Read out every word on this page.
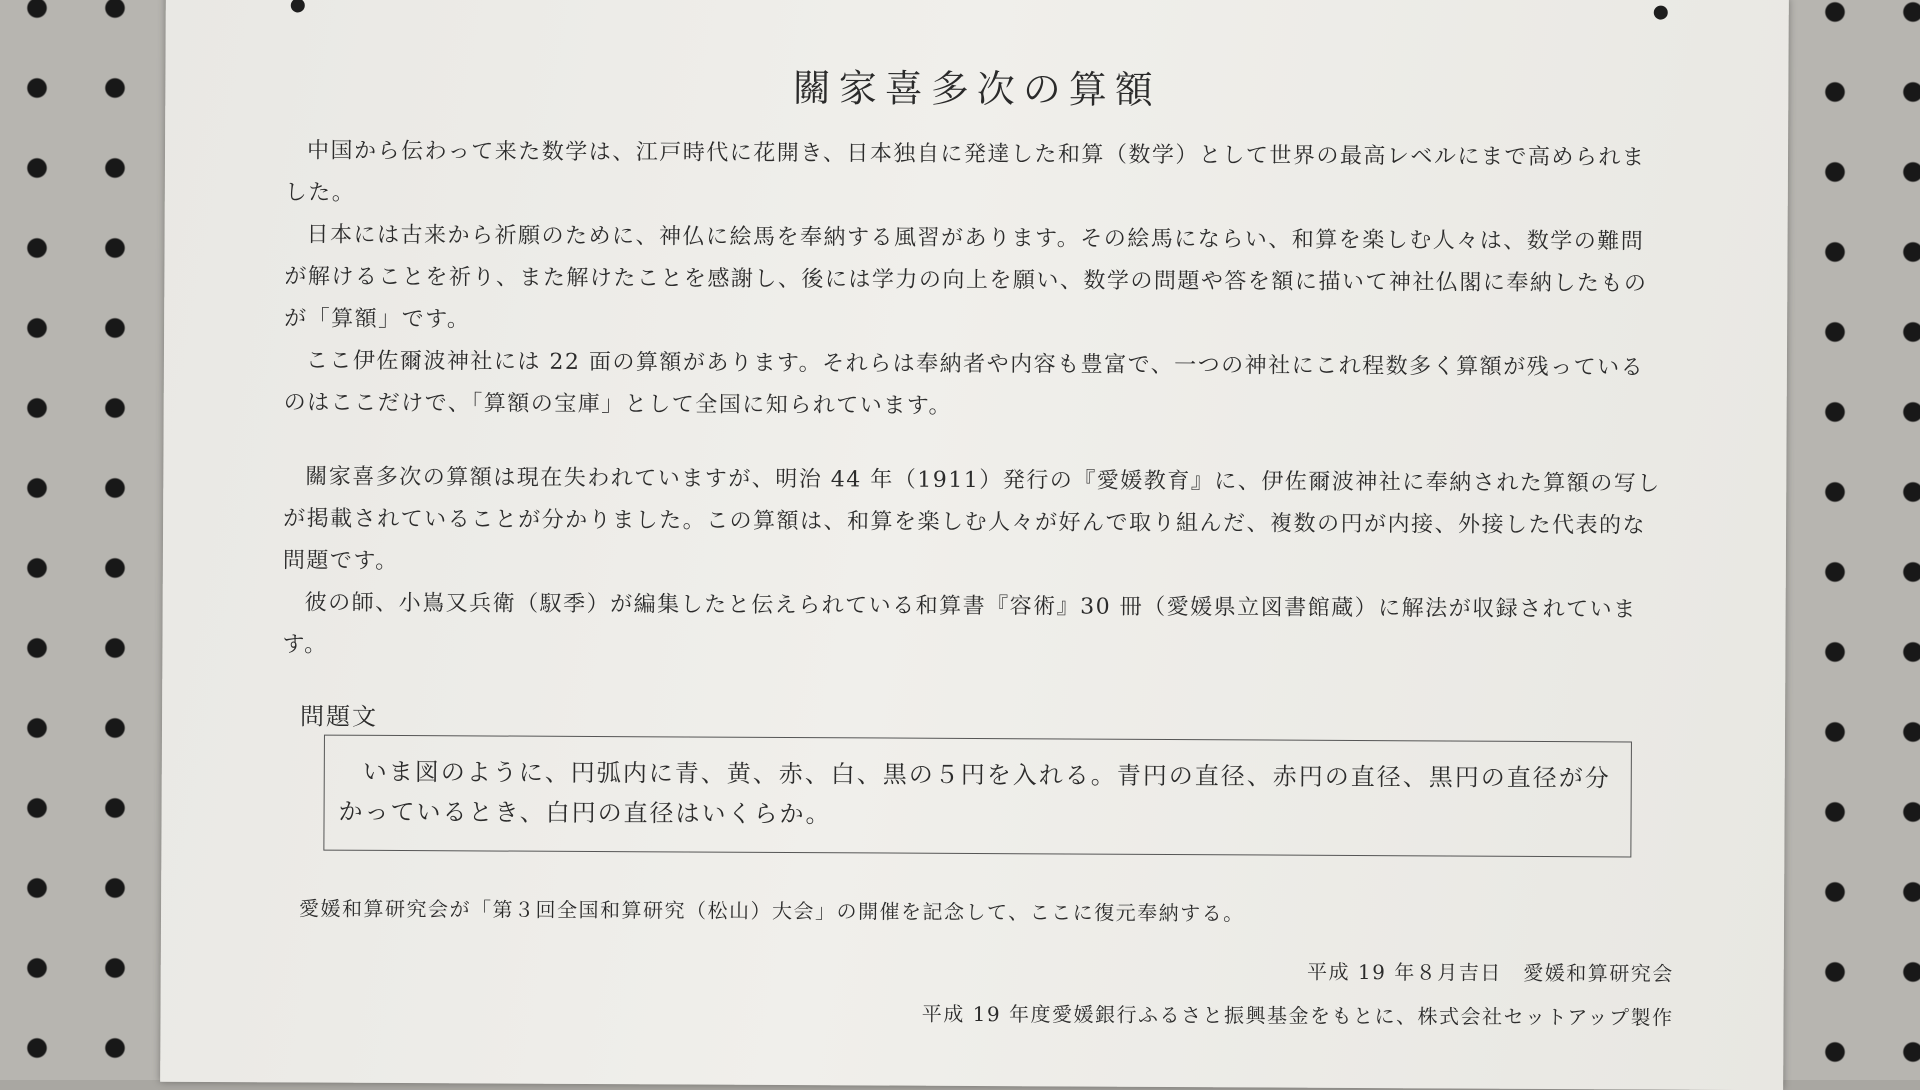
關家喜多次の算額

中国から伝わって来た数学は、江戸時代に花開き、日本独自に発達した和算（数学）として世界の最高レベルにまで高められました。

日本には古来から祈願のために、神仏に絵馬を奉納する風習があります。その絵馬にならい、和算を楽しむ人々は、数学の難問が解けることを祈り、また解けたことを感謝し、後には学力の向上を願い、数学の問題や答を額に描いて神社仏閣に奉納したものが「算額」です。

ここ伊佐爾波神社には 22 面の算額があります。それらは奉納者や内容も豊富で、一つの神社にこれ程数多く算額が残っているのはここだけで、「算額の宝庫」として全国に知られています。

關家喜多次の算額は現在失われていますが、明治 44 年（1911）発行の『愛媛教育』に、伊佐爾波神社に奉納された算額の写しが掲載されていることが分かりました。この算額は、和算を楽しむ人々が好んで取り組んだ、複数の円が内接、外接した代表的な問題です。

彼の師、小嶌又兵衛（馭季）が編集したと伝えられている和算書『容術』30 冊（愛媛県立図書館蔵）に解法が収録されています。

問題文

いま図のように、円弧内に青、黄、赤、白、黒の５円を入れる。青円の直径、赤円の直径、黒円の直径が分かっているとき、白円の直径はいくらか。

愛媛和算研究会が「第３回全国和算研究（松山）大会」の開催を記念して、ここに復元奉納する。
平成 19 年８月吉日　愛媛和算研究会
平成 19 年度愛媛銀行ふるさと振興基金をもとに、株式会社セットアップ製作
